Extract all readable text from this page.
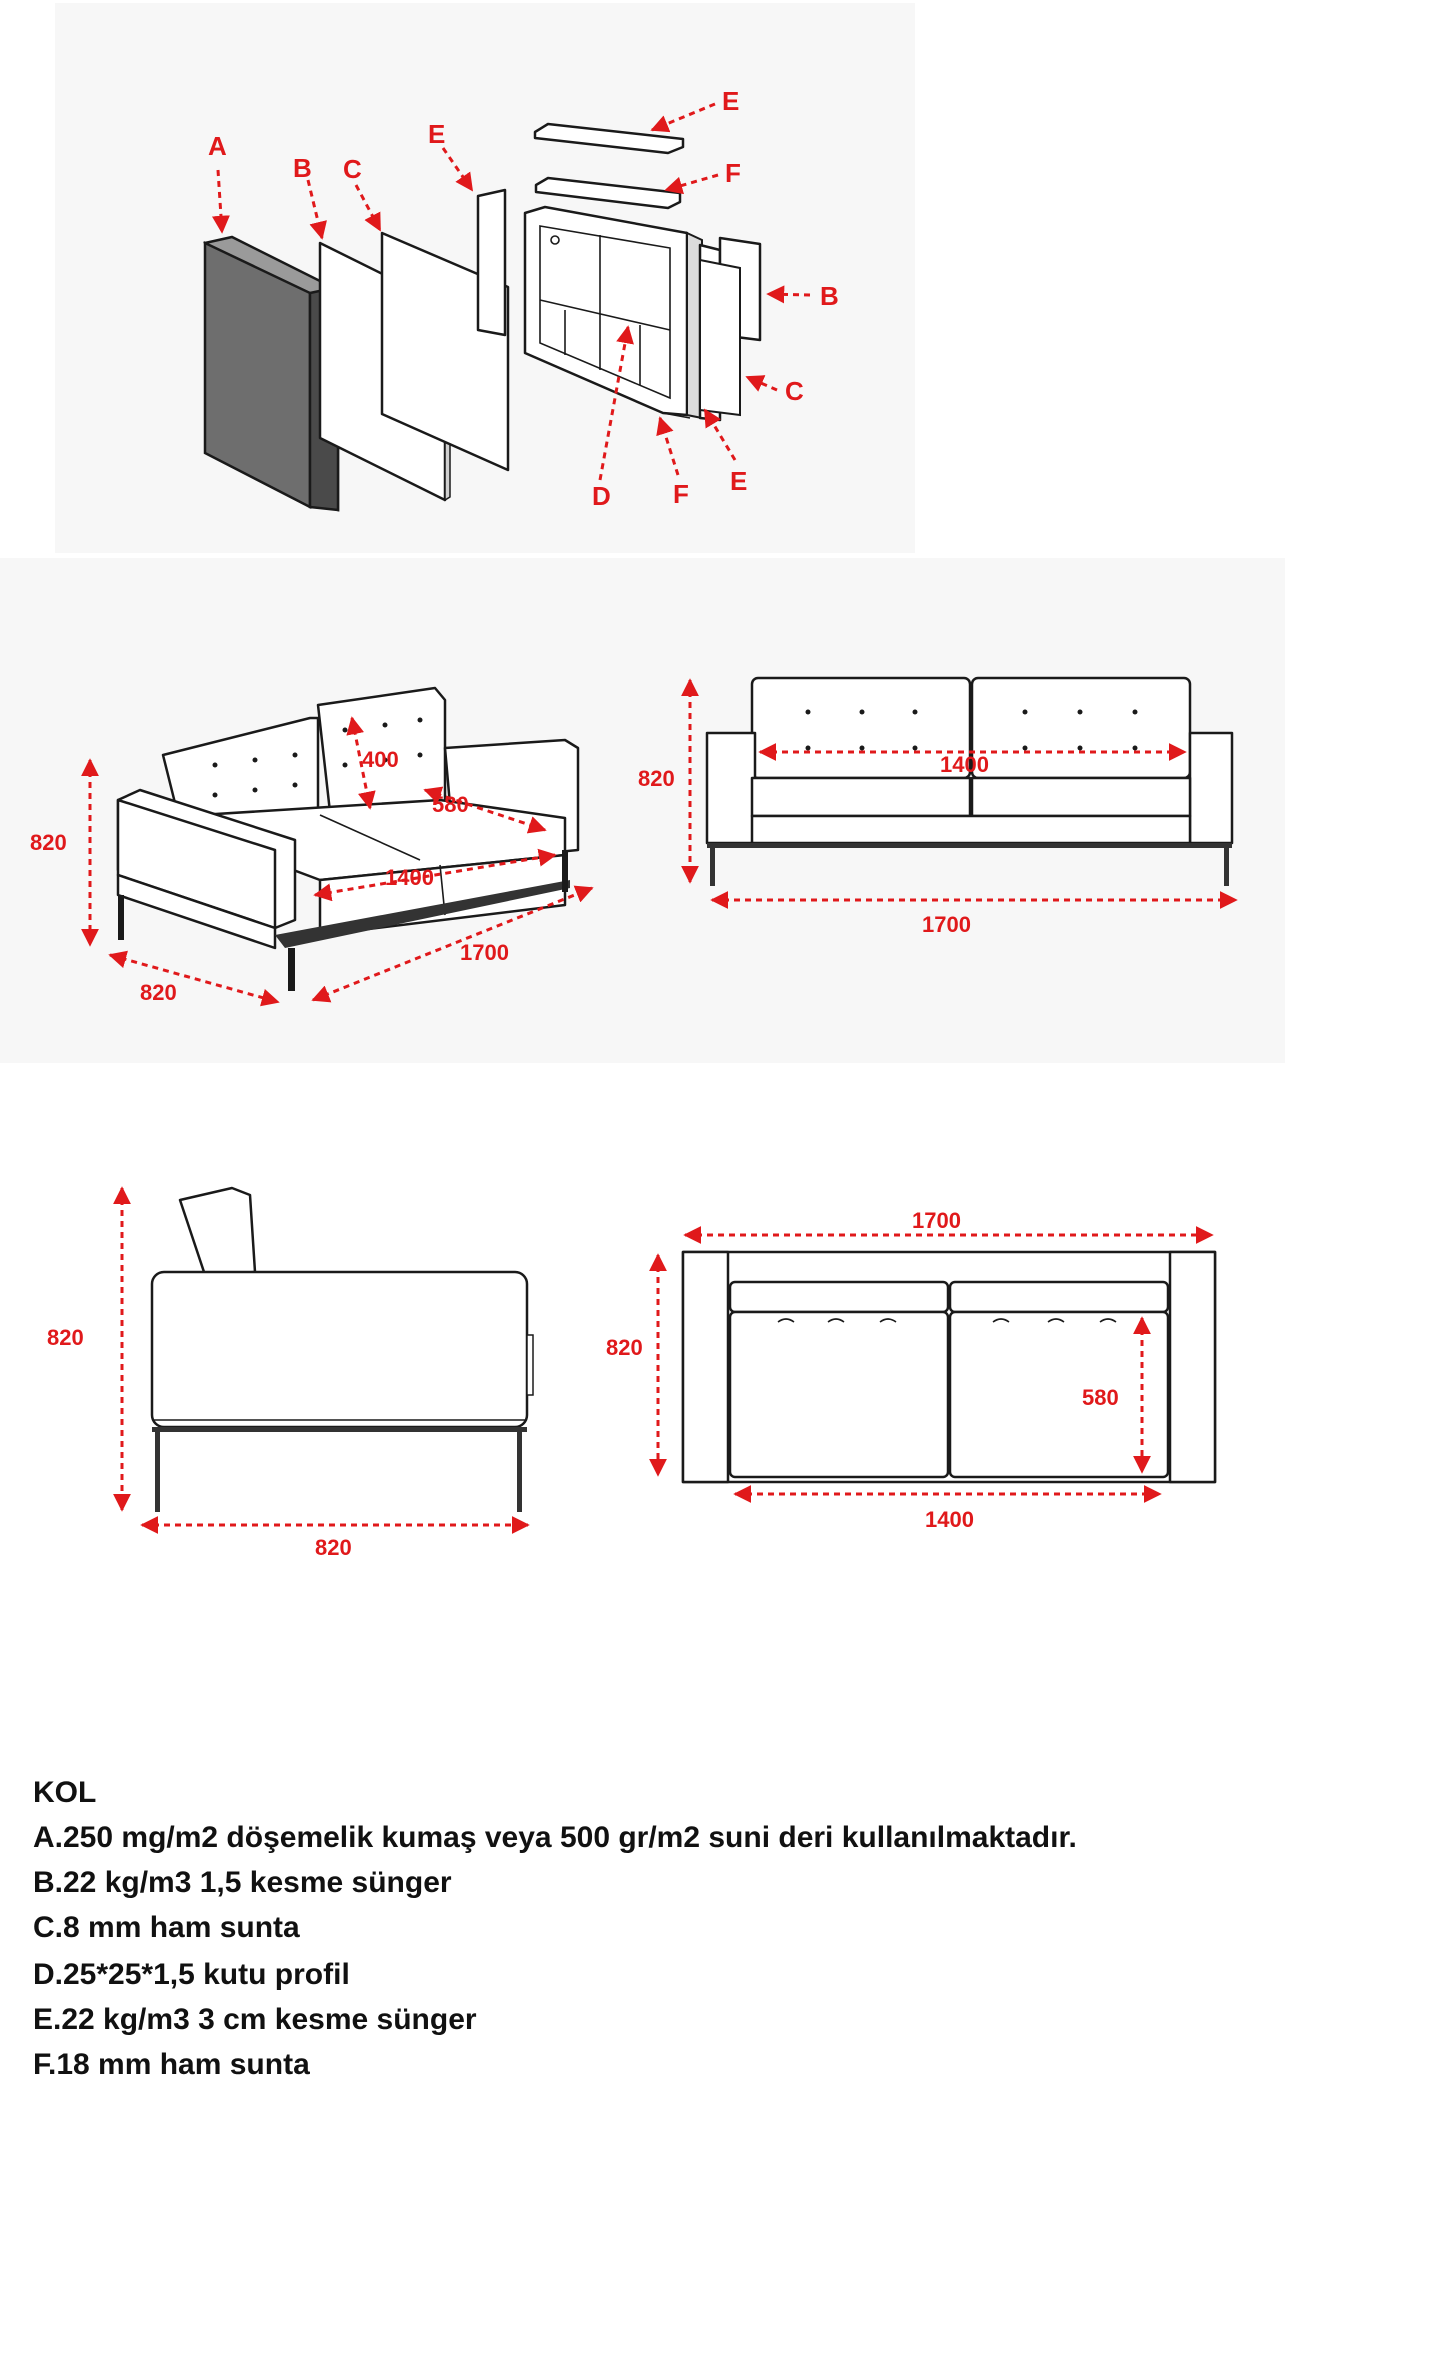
A
B C
E
E
F
B
C
D F E
820
820
1700
400
580
1400
820
1400
1700
820
820
1700
820
580
1400
KOL
A.250 mg/m2 döşemelik kumaş veya 500 gr/m2 suni deri kullanılmaktadır.
B.22 kg/m3 1,5 kesme sünger
C.8 mm ham sunta
D.25*25*1,5 kutu profil
E.22 kg/m3 3 cm kesme sünger
F.18 mm ham sunta
